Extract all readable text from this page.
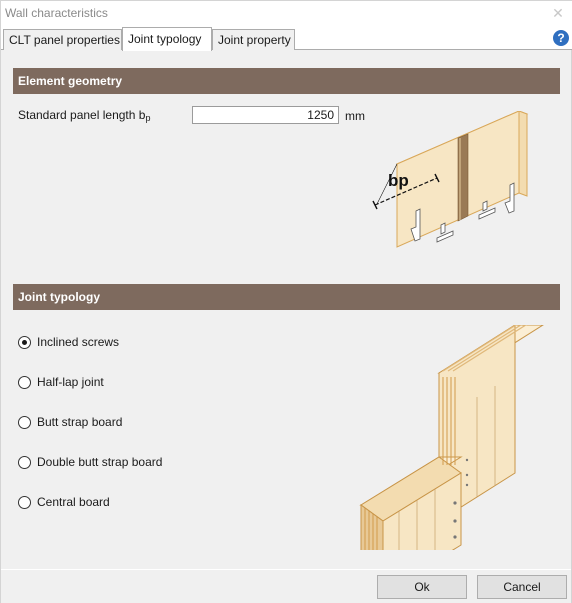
Wall characteristics	✕
CLT panel properties Joint typology	Joint property	?
Element geometry
Standard panel length $b_p$
1250	mm
bp
Joint typology
Inclined screws
Half-lap joint
Butt strap board
Double butt strap board
Central board
Ok	Cancel
